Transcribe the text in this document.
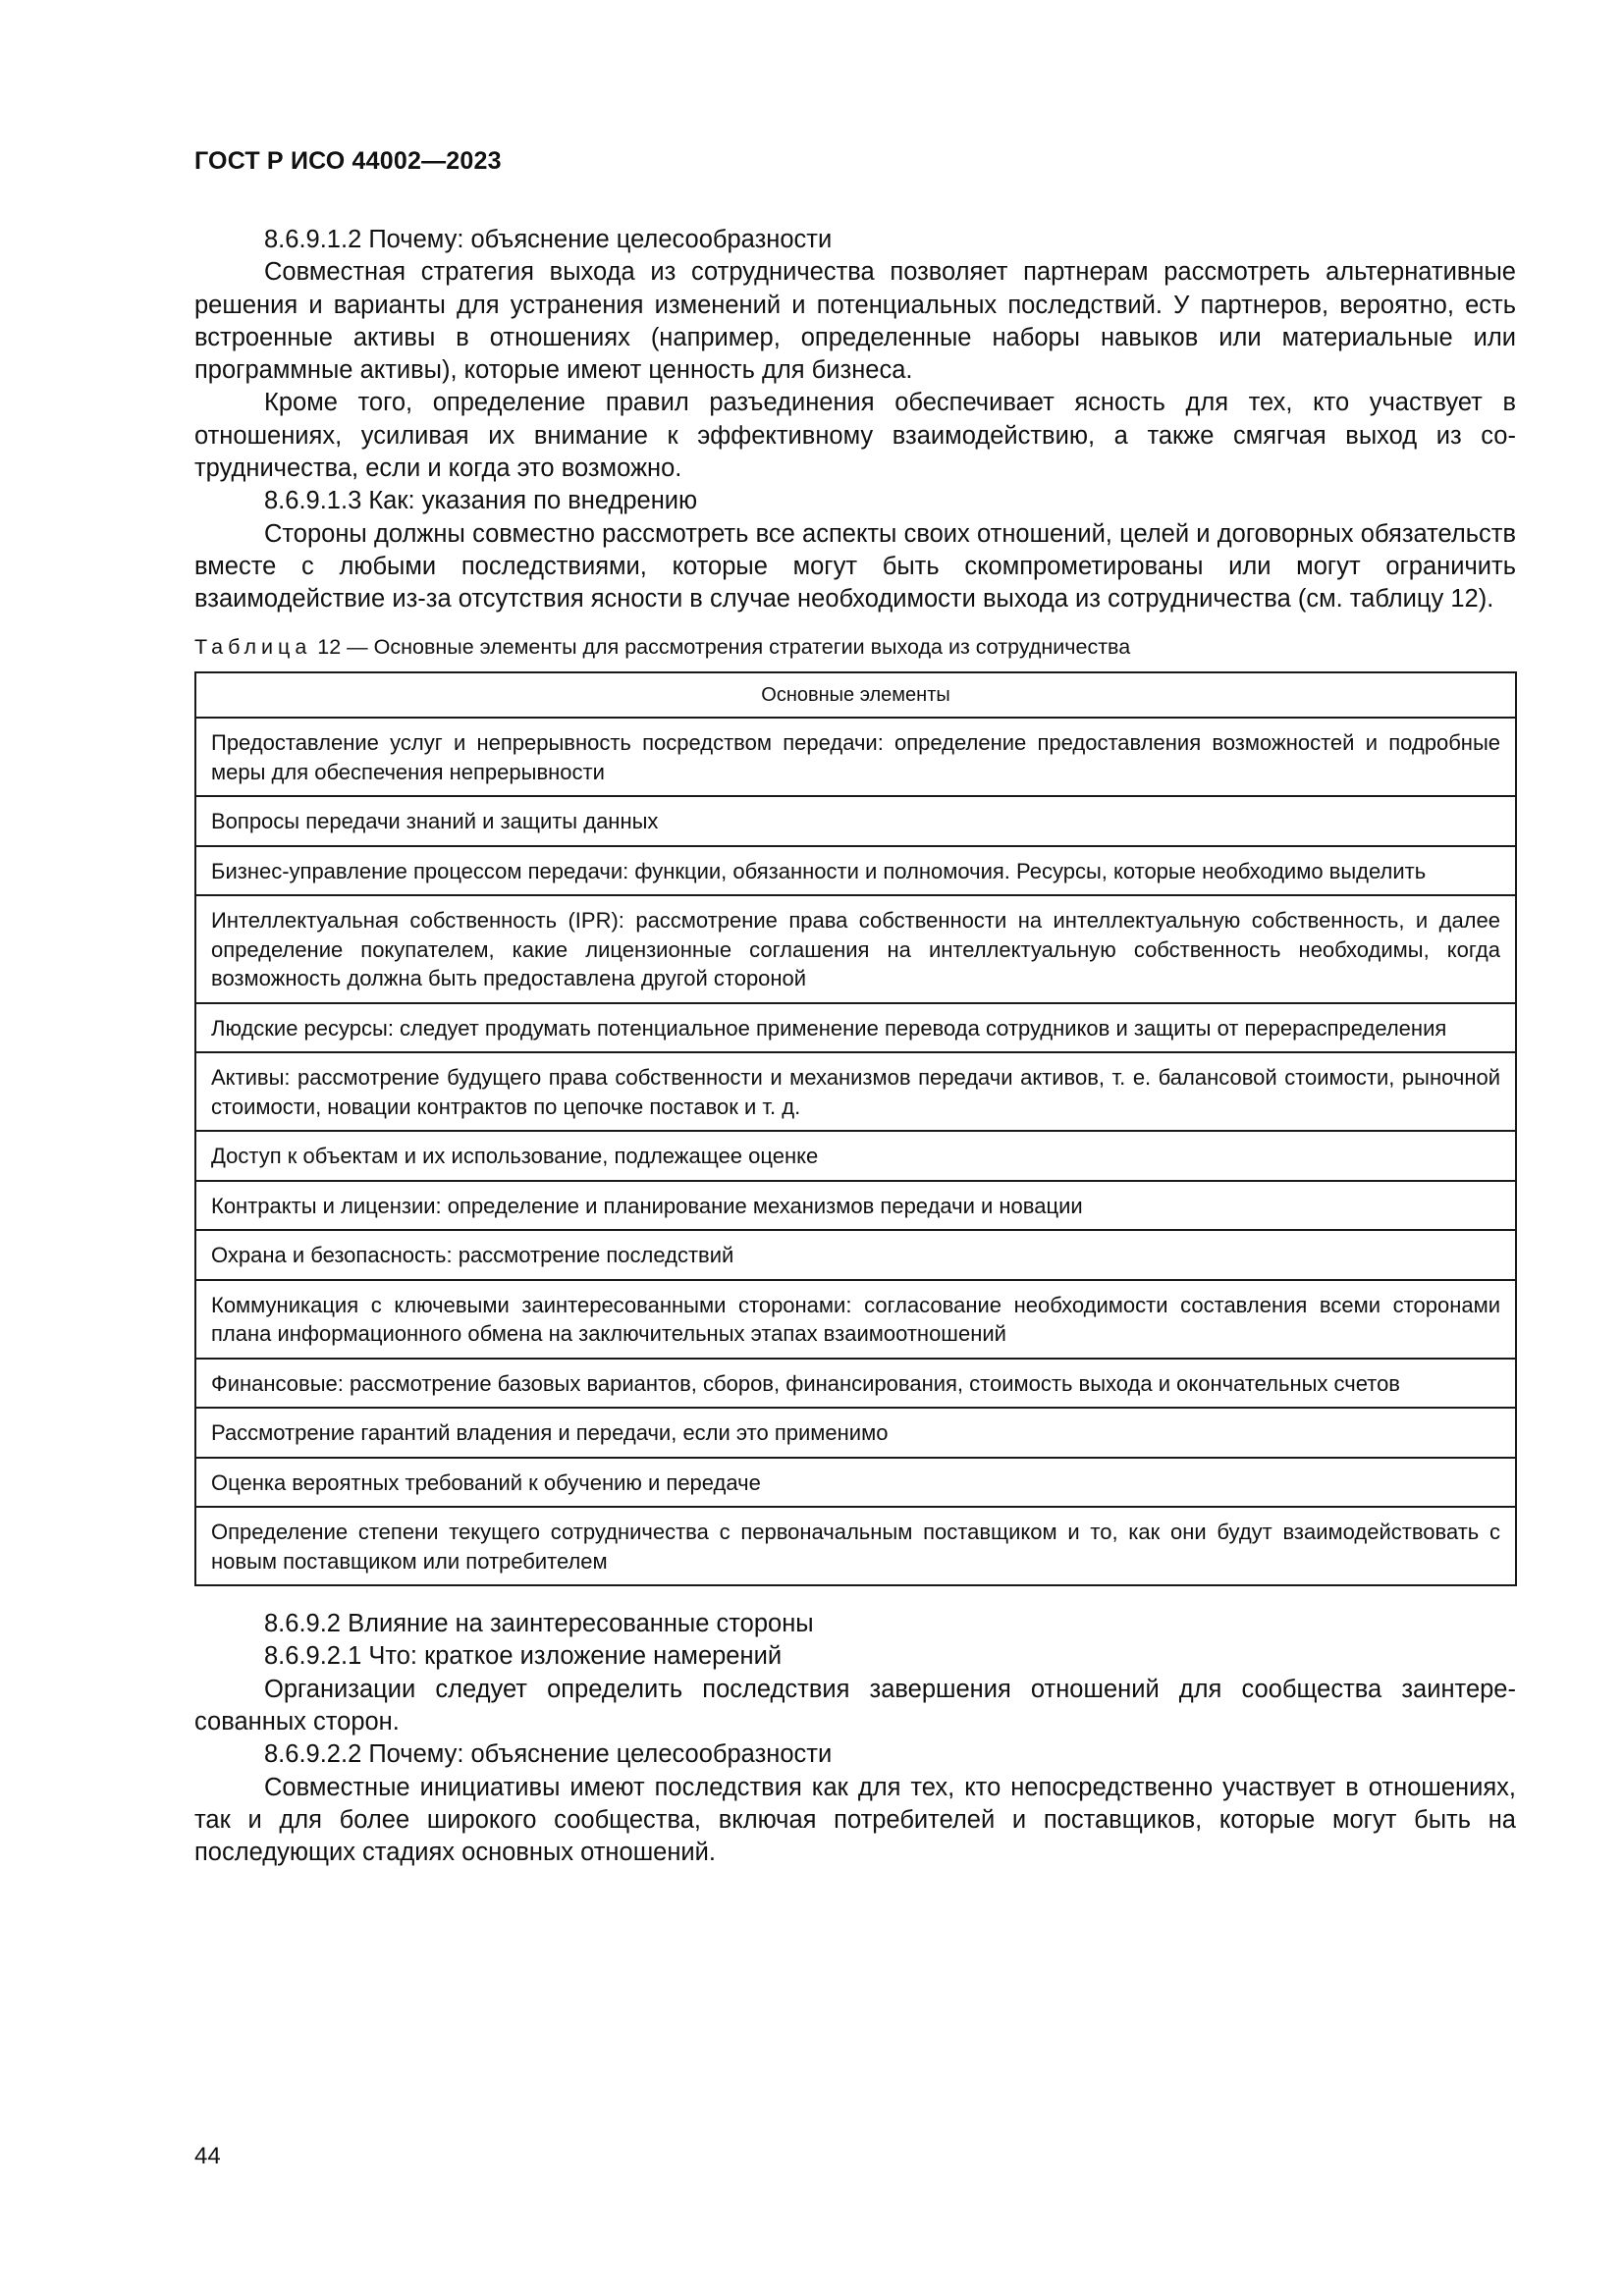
ГОСТ Р ИСО 44002—2023

8.6.9.1.2 Почему: объяснение целесообразности

Совместная стратегия выхода из сотрудничества позволяет партнерам рассмотреть альтернативные решения и варианты для устранения изменений и потенциальных последствий. У партнеров, вероятно, есть встроенные активы в отношениях (например, определенные наборы навыков или материальные или программные активы), которые имеют ценность для бизнеса.

Кроме того, определение правил разъединения обеспечивает ясность для тех, кто участвует в отношениях, усиливая их внимание к эффективному взаимодействию, а также смягчая выход из сотрудничества, если и когда это возможно.

8.6.9.1.3 Как: указания по внедрению

Стороны должны совместно рассмотреть все аспекты своих отношений, целей и договорных обязательств вместе с любыми последствиями, которые могут быть скомпрометированы или могут ограничить взаимодействие из-за отсутствия ясности в случае необходимости выхода из сотрудничества (см. таблицу 12).

Таблица 12 — Основные элементы для рассмотрения стратегии выхода из сотрудничества
Основные элементы
Предоставление услуг и непрерывность посредством передачи: определение предоставления возможностей и подробные меры для обеспечения непрерывности
Вопросы передачи знаний и защиты данных
Бизнес-управление процессом передачи: функции, обязанности и полномочия. Ресурсы, которые необходимо выделить
Интеллектуальная собственность (IPR): рассмотрение права собственности на интеллектуальную собственность, и далее определение покупателем, какие лицензионные соглашения на интеллектуальную собственность необходимы, когда возможность должна быть предоставлена другой стороной
Людские ресурсы: следует продумать потенциальное применение перевода сотрудников и защиты от перераспределения
Активы: рассмотрение будущего права собственности и механизмов передачи активов, т. е. балансовой стоимости, рыночной стоимости, новации контрактов по цепочке поставок и т. д.
Доступ к объектам и их использование, подлежащее оценке
Контракты и лицензии: определение и планирование механизмов передачи и новации
Охрана и безопасность: рассмотрение последствий
Коммуникация с ключевыми заинтересованными сторонами: согласование необходимости составления всеми сторонами плана информационного обмена на заключительных этапах взаимоотношений
Финансовые: рассмотрение базовых вариантов, сборов, финансирования, стоимость выхода и окончательных счетов
Рассмотрение гарантий владения и передачи, если это применимо
Оценка вероятных требований к обучению и передаче
Определение степени текущего сотрудничества с первоначальным поставщиком и то, как они будут взаимодействовать с новым поставщиком или потребителем

8.6.9.2 Влияние на заинтересованные стороны

8.6.9.2.1 Что: краткое изложение намерений

Организации следует определить последствия завершения отношений для сообщества заинтересованных сторон.

8.6.9.2.2 Почему: объяснение целесообразности

Совместные инициативы имеют последствия как для тех, кто непосредственно участвует в отношениях, так и для более широкого сообщества, включая потребителей и поставщиков, которые могут быть на последующих стадиях основных отношений.

44
